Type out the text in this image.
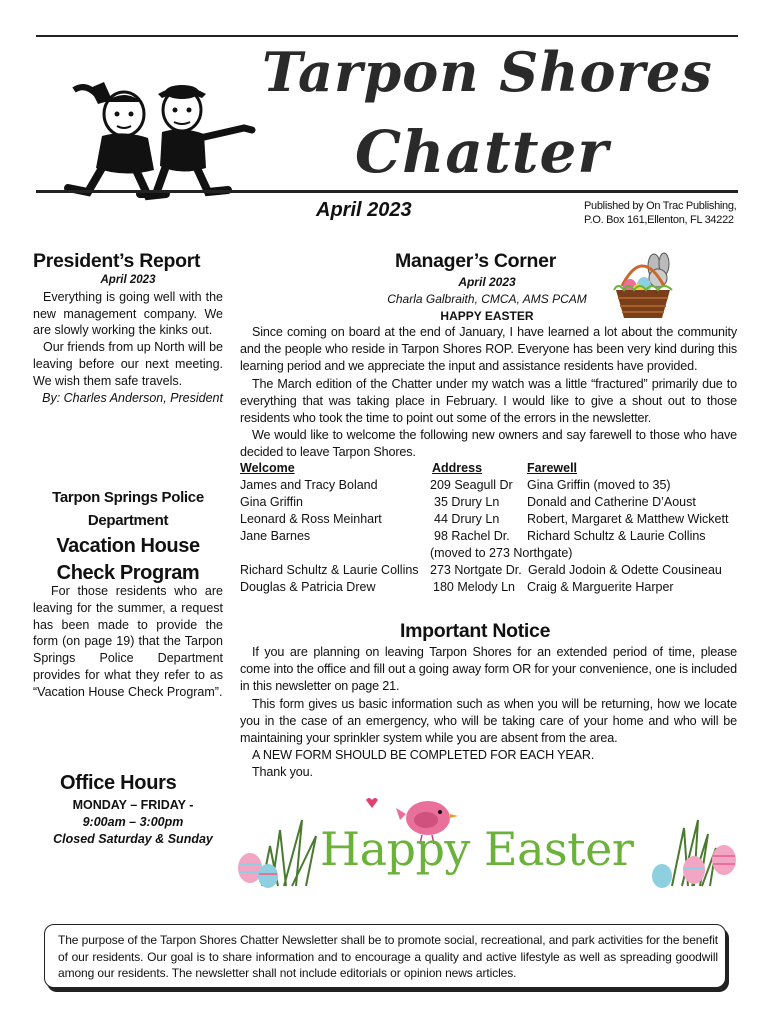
Tarpon Shores
Chatter
April 2023	Published by On Trac Publishing,
P.O. Box 161,Ellenton, FL 34222
President’s Report
April 2023
Everything is going well with the new management company. We are slowly working the kinks out.
Our friends from up North will be leaving before our next meeting. We wish them safe travels.
By: Charles Anderson, President
Tarpon Springs Police
Department
Vacation House
Check Program
For those residents who are leaving for the summer, a request has been made to provide the form (on page 19) that the Tarpon Springs Police Department provides for what they refer to as “Vacation House Check Program”.
Office Hours
MONDAY – FRIDAY -
9:00am – 3:00pm
Closed Saturday & Sunday
Manager’s Corner
April 2023
Charla Galbraith, CMCA, AMS PCAM
HAPPY EASTER

Since coming on board at the end of January, I have learned a lot about the community and the people who reside in Tarpon Shores ROP. Everyone has been very kind during this learning period and we appreciate the input and assistance residents have provided.

The March edition of the Chatter under my watch was a little “fractured” primarily due to everything that was taking place in February. I would like to give a shout out to those residents who took the time to point out some of the errors in the newsletter.

We would like to welcome the following new owners and say farewell to those who have decided to leave Tarpon Shores.

Welcome	Address	Farewell
James and Tracy Boland	209 Seagull Dr Gina Griffin (moved to 35)
Gina Griffin	35 Drury Ln Donald and Catherine D’Aoust
Leonard & Ross Meinhart	44 Drury Ln Robert, Margaret & Matthew Wickett
Jane Barnes	98 Rachel Dr. Richard Schultz & Laurie Collins
(moved to 273 Northgate)
Richard Schultz & Laurie Collins 273 Nortgate Dr. Gerald Jodoin & Odette Cousineau
Douglas & Patricia Drew	180 Melody Ln Craig & Marguerite Harper
Important Notice

If you are planning on leaving Tarpon Shores for an extended period of time, please come into the office and fill out a going away form OR for your convenience, one is included in this newsletter on page 21.

This form gives us basic information such as when you will be returning, how we locate you in the case of an emergency, who will be taking care of your home and who will be maintaining your sprinkler system while you are absent from the area.

A NEW FORM SHOULD BE COMPLETED FOR EACH YEAR.

Thank you.

Happy Easter
The purpose of the Tarpon Shores Chatter Newsletter shall be to promote social, recreational, and park activities for the benefit of our residents. Our goal is to share information and to encourage a quality and active lifestyle as well as spreading goodwill among our residents. The newsletter shall not include editorials or opinion news articles.
